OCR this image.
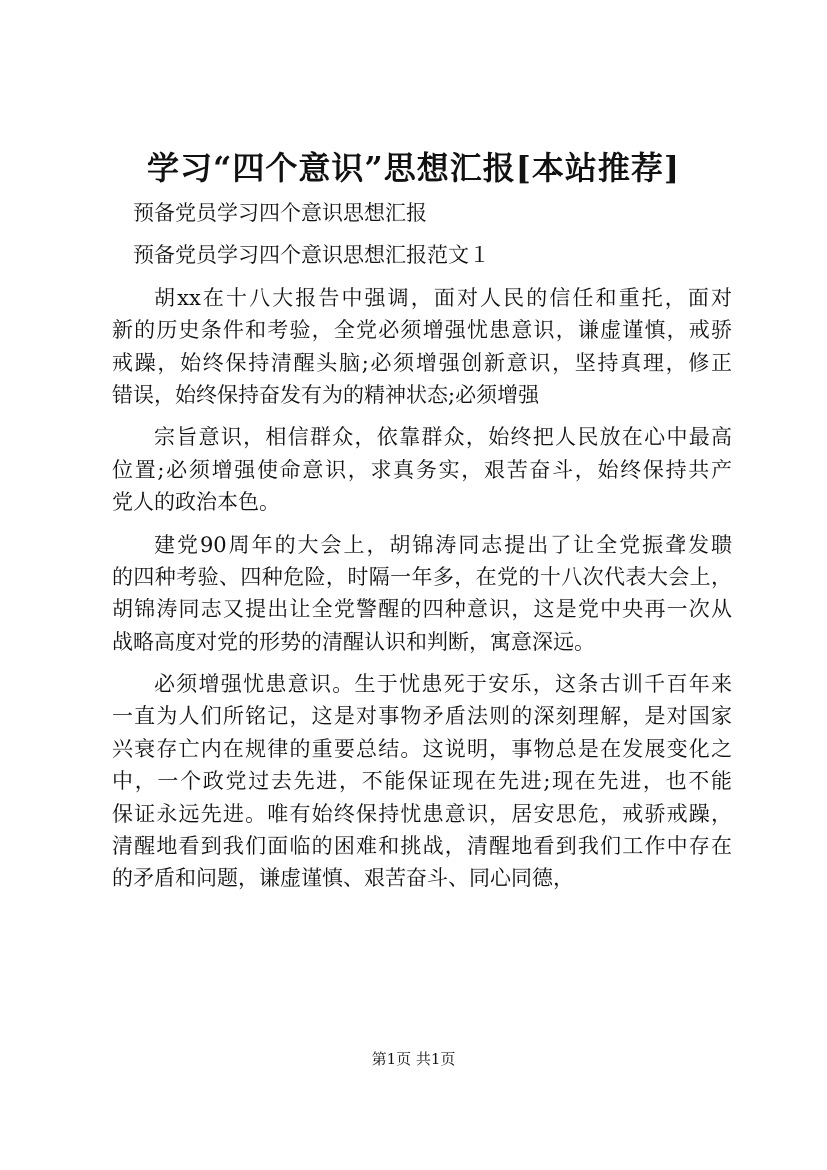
学习“四个意识”思想汇报[本站推荐]
预备党员学习四个意识思想汇报
预备党员学习四个意识思想汇报范文１
胡xx在十八大报告中强调，面对人民的信任和重托，面对
新的历史条件和考验，全党必须增强忧患意识，谦虚谨慎，戒骄
戒躁，始终保持清醒头脑;必须增强创新意识，坚持真理，修正
错误，始终保持奋发有为的精神状态;必须增强
宗旨意识，相信群众，依靠群众，始终把人民放在心中最高
位置;必须增强使命意识，求真务实，艰苦奋斗，始终保持共产
党人的政治本色。
建党90周年的大会上，胡锦涛同志提出了让全党振聋发聩
的四种考验、四种危险，时隔一年多，在党的十八次代表大会上，
胡锦涛同志又提出让全党警醒的四种意识，这是党中央再一次从
战略高度对党的形势的清醒认识和判断，寓意深远。
必须增强忧患意识。生于忧患死于安乐，这条古训千百年来
一直为人们所铭记，这是对事物矛盾法则的深刻理解，是对国家
兴衰存亡内在规律的重要总结。这说明，事物总是在发展变化之
中，一个政党过去先进，不能保证现在先进;现在先进，也不能
保证永远先进。唯有始终保持忧患意识，居安思危，戒骄戒躁，
清醒地看到我们面临的困难和挑战，清醒地看到我们工作中存在
的矛盾和问题，谦虚谨慎、艰苦奋斗、同心同德，
第1页 共1页
